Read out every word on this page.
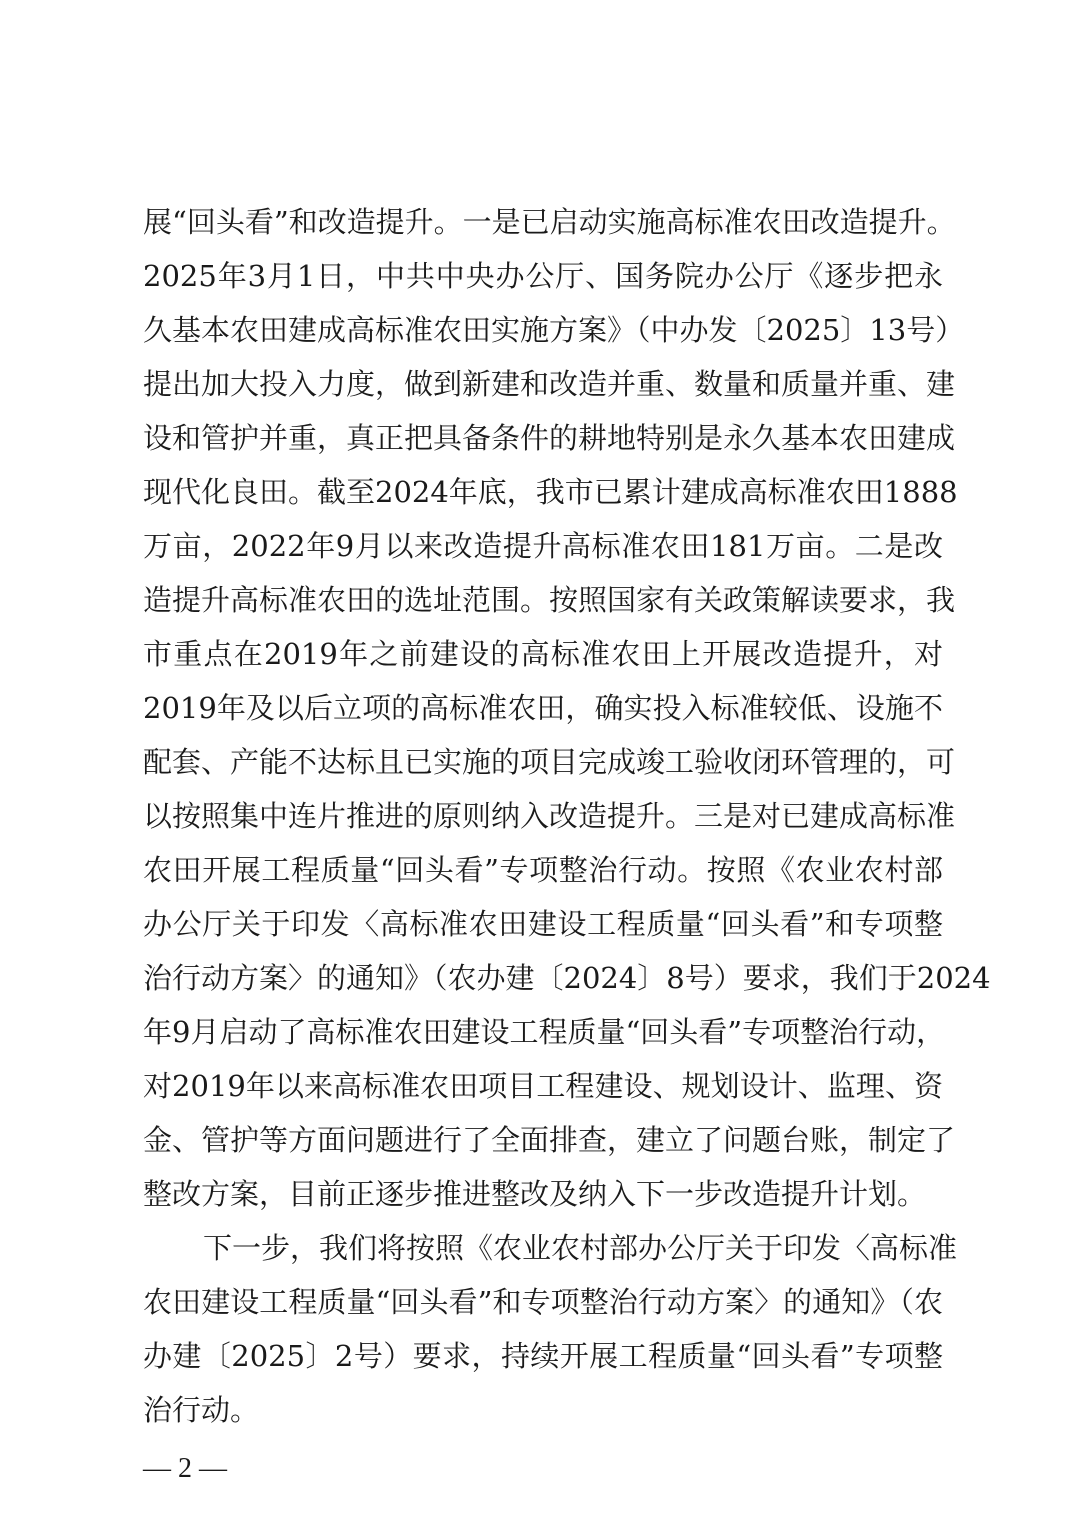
展“回头看”和改造提升。一是已启动实施高标准农田改造提升。
2025年3月1日，中共中央办公厅、国务院办公厅《逐步把永
久基本农田建成高标准农田实施方案》（中办发〔2025〕13号）
提出加大投入力度，做到新建和改造并重、数量和质量并重、建
设和管护并重，真正把具备条件的耕地特别是永久基本农田建成
现代化良田。截至2024年底，我市已累计建成高标准农田1888
万亩，2022年9月以来改造提升高标准农田181万亩。二是改
造提升高标准农田的选址范围。按照国家有关政策解读要求，我
市重点在2019年之前建设的高标准农田上开展改造提升，对
2019年及以后立项的高标准农田，确实投入标准较低、设施不
配套、产能不达标且已实施的项目完成竣工验收闭环管理的，可
以按照集中连片推进的原则纳入改造提升。三是对已建成高标准
农田开展工程质量“回头看”专项整治行动。按照《农业农村部
办公厅关于印发〈高标准农田建设工程质量“回头看”和专项整
治行动方案〉的通知》（农办建〔2024〕8号）要求，我们于2024
年9月启动了高标准农田建设工程质量“回头看”专项整治行动，
对2019年以来高标准农田项目工程建设、规划设计、监理、资
金、管护等方面问题进行了全面排查，建立了问题台账，制定了
整改方案，目前正逐步推进整改及纳入下一步改造提升计划。
下一步，我们将按照《农业农村部办公厅关于印发〈高标准
农田建设工程质量“回头看”和专项整治行动方案〉的通知》（农
办建〔2025〕2号）要求，持续开展工程质量“回头看”专项整
治行动。
— 2 —
